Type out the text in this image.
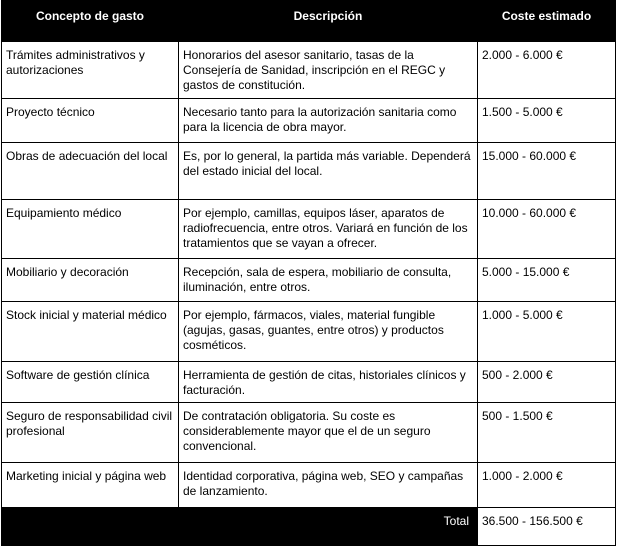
Concepto de gasto	Descripción	Coste estimado
Trámites administrativos y autorizaciones	Honorarios del asesor sanitario, tasas de la Consejería de Sanidad, inscripción en el REGC y gastos de constitución.	2.000 - 6.000 €
Proyecto técnico	Necesario tanto para la autorización sanitaria como para la licencia de obra mayor.	1.500 - 5.000 €
Obras de adecuación del local	Es, por lo general, la partida más variable. Dependerá del estado inicial del local.	15.000 - 60.000 €
Equipamiento médico	Por ejemplo, camillas, equipos láser, aparatos de radiofrecuencia, entre otros. Variará en función de los tratamientos que se vayan a ofrecer.	10.000 - 60.000 €
Mobiliario y decoración	Recepción, sala de espera, mobiliario de consulta, iluminación, entre otros.	5.000 - 15.000 €
Stock inicial y material médico	Por ejemplo, fármacos, viales, material fungible (agujas, gasas, guantes, entre otros) y productos cosméticos.	1.000 - 5.000 €
Software de gestión clínica	Herramienta de gestión de citas, historiales clínicos y facturación.	500 - 2.000 €
Seguro de responsabilidad civil profesional	De contratación obligatoria. Su coste es considerablemente mayor que el de un seguro convencional.	500 - 1.500 €
Marketing inicial y página web	Identidad corporativa, página web, SEO y campañas de lanzamiento.	1.000 - 2.000 €
Total		36.500 - 156.500 €
